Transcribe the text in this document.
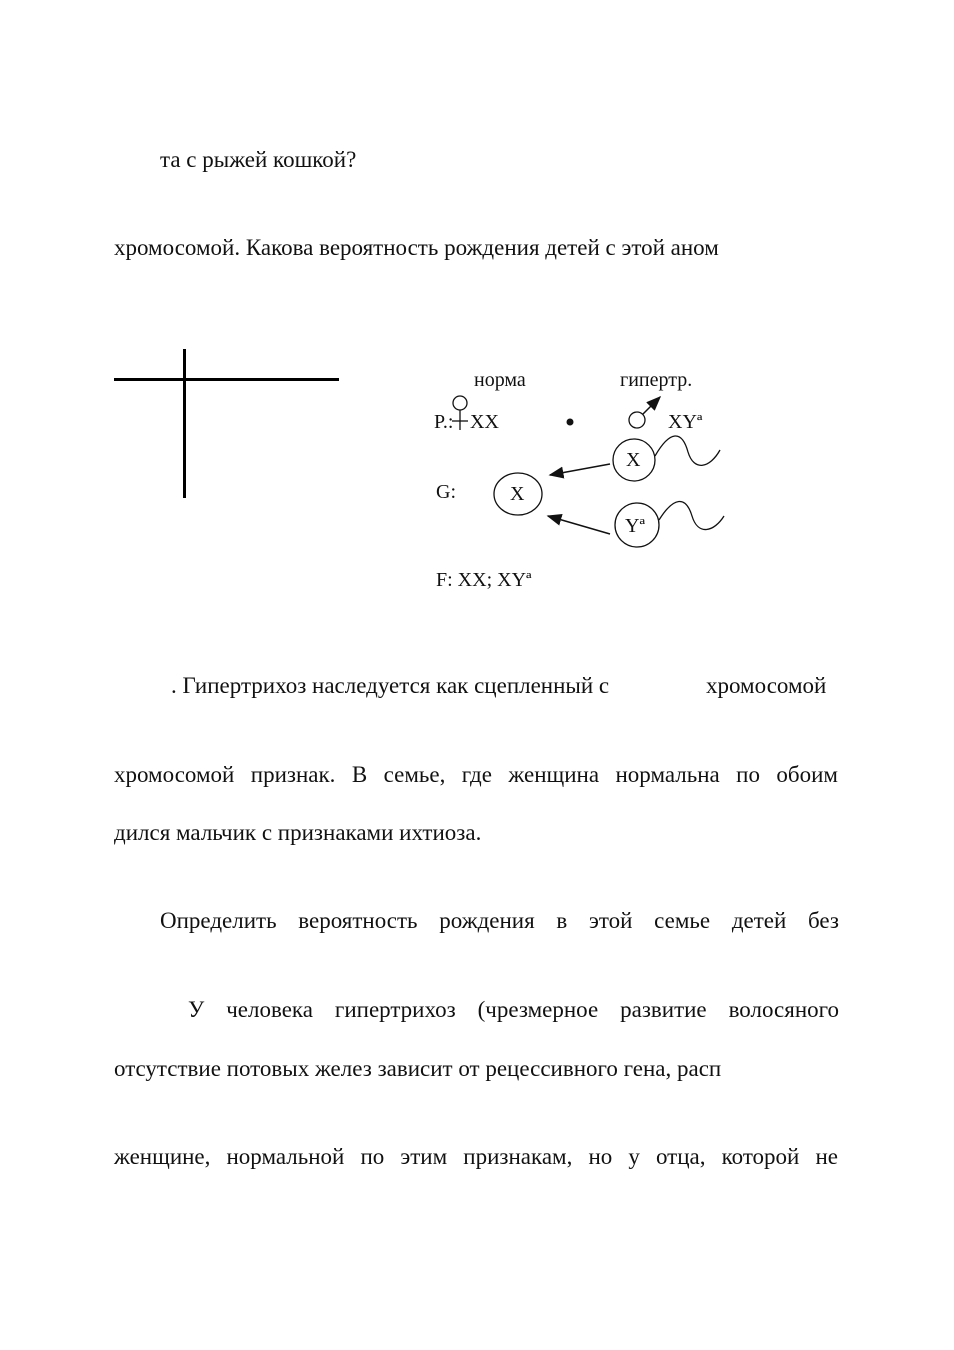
та с рыжей кошкой?
хромосомой. Какова вероятность рождения детей с этой аном
норма	гипертр.
P.: XX	XYª
G:	X
X
Yª
F: XX; XYª
. Гипертрихоз наследуется как сцепленный с	хромосомой
хромосомой признак. В семье, где женщина нормальна по обоим
дился мальчик с признаками ихтиоза.
Определить вероятность рождения в этой семье детей без
У человека гипертрихоз (чрезмерное развитие волосяного
отсутствие потовых желез зависит от рецессивного гена, расп
женщине, нормальной по этим признакам, но у отца, которой не
